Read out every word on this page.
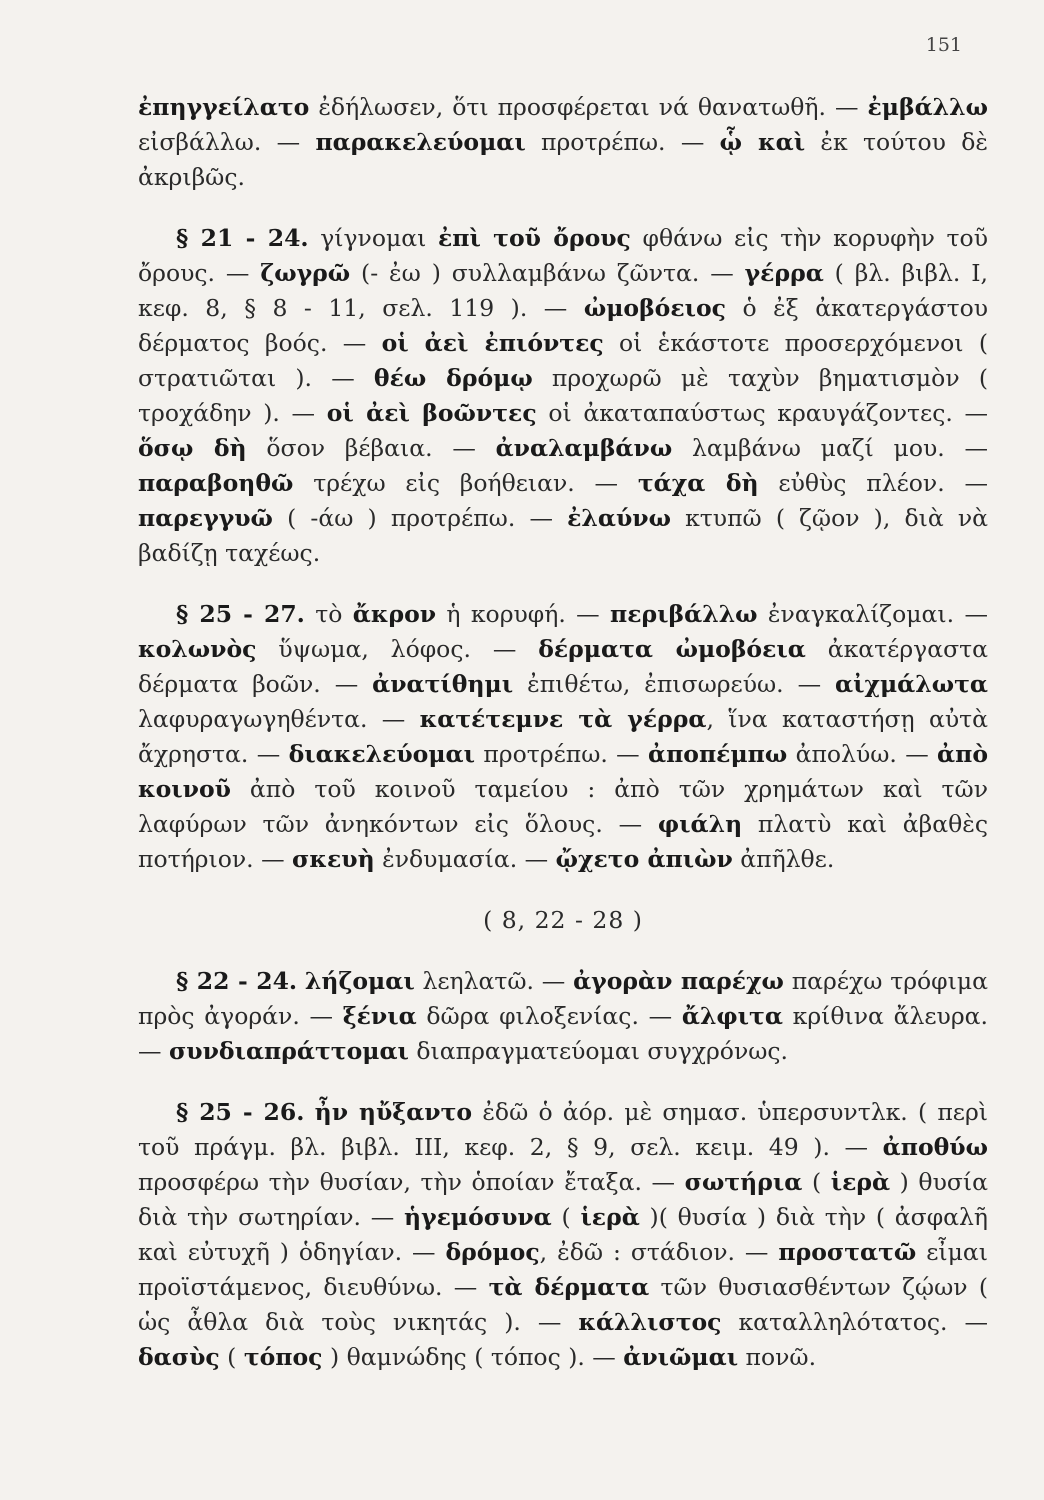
151

ἐπηγγείλατο ἐδήλωσεν, ὅτι προσφέρεται νά θανατωθῆ. — ἐμβάλλω εἰσβάλλω. — παρακελεύομαι προτρέπω. — ᾧ καὶ ἐκ τούτου δὲ ἀκριβῶς.

§ 21 - 24. γίγνομαι ἐπὶ τοῦ ὄρους φθάνω εἰς τὴν κορυφὴν τοῦ ὄρους. — ζωγρῶ (- ἐω ) συλλαμβάνω ζῶντα. — γέρρα ( βλ. βιβλ. I, κεφ. 8, § 8 - 11, σελ. 119 ). — ὠμοβόειος ὁ ἐξ ἀκατεργάστου δέρματος βοός. — οἱ ἀεὶ ἐπιόντες οἱ ἑκάστοτε προσερχόμενοι ( στρατιῶται ). — θέω δρόμῳ προχωρῶ μὲ ταχὺν βηματισμὸν ( τροχάδην ). — οἱ ἀεὶ βοῶντες οἱ ἀκαταπαύστως κραυγάζοντες. — ὅσῳ δὴ ὅσον βέβαια. — ἀναλαμβάνω λαμβάνω μαζί μου. — παραβοηθῶ τρέχω εἰς βοήθειαν. — τάχα δὴ εὐθὺς πλέον. — παρεγγυῶ ( -άω ) προτρέπω. — ἐλαύνω κτυπῶ ( ζῷον ), διὰ νὰ βαδίζῃ ταχέως.

§ 25 - 27. τὸ ἄκρον ἡ κορυφή. — περιβάλλω ἐναγκαλίζομαι. — κολωνὸς ὕψωμα, λόφος. — δέρματα ὠμοβόεια ἀκατέργαστα δέρματα βοῶν. — ἀνατίθημι ἐπιθέτω, ἐπισωρεύω. — αἰχμάλωτα λαφυραγωγηθέντα. — κατέτεμνε τὰ γέρρα, ἵνα καταστήσῃ αὐτὰ ἄχρηστα. — διακελεύομαι προτρέπω. — ἀποπέμπω ἀπολύω. — ἀπὸ κοινοῦ ἀπὸ τοῦ κοινοῦ ταμείου : ἀπὸ τῶν χρημάτων καὶ τῶν λαφύρων τῶν ἀνηκόντων εἰς ὅλους. — φιάλη πλατὺ καὶ ἀβαθὲς ποτήριον. — σκευὴ ἐνδυμασία. — ᾤχετο ἀπιὼν ἀπῆλθε.

( 8, 22 - 28 )

§ 22 - 24. λήζομαι λεηλατῶ. — ἀγορὰν παρέχω παρέχω τρόφιμα πρὸς ἀγοράν. — ξένια δῶρα φιλοξενίας. — ἄλφιτα κρίθινα ἄλευρα. — συνδιαπράττομαι διαπραγματεύομαι συγχρόνως.

§ 25 - 26. ἦν ηὔξαντο ἐδῶ ὁ ἀόρ. μὲ σημασ. ὑπερσυντλκ. ( περὶ τοῦ πράγμ. βλ. βιβλ. III, κεφ. 2, § 9, σελ. κειμ. 49 ). — ἀποθύω προσφέρω τὴν θυσίαν, τὴν ὁποίαν ἔταξα. — σωτήρια ( ἱερὰ ) θυσία διὰ τὴν σωτηρίαν. — ἡγεμόσυνα ( ἱερὰ )( θυσία ) διὰ τὴν ( ἀσφαλῆ καὶ εὐτυχῆ ) ὁδηγίαν. — δρόμος, ἐδῶ : στάδιον. — προστατῶ εἶμαι προϊστάμενος, διευθύνω. — τὰ δέρματα τῶν θυσιασθέντων ζῴων ( ὡς ἆθλα διὰ τοὺς νικητάς ). — κάλλιστος καταλληλότατος. — δασὺς ( τόπος ) θαμνώδης ( τόπος ). — ἀνιῶμαι πονῶ.
